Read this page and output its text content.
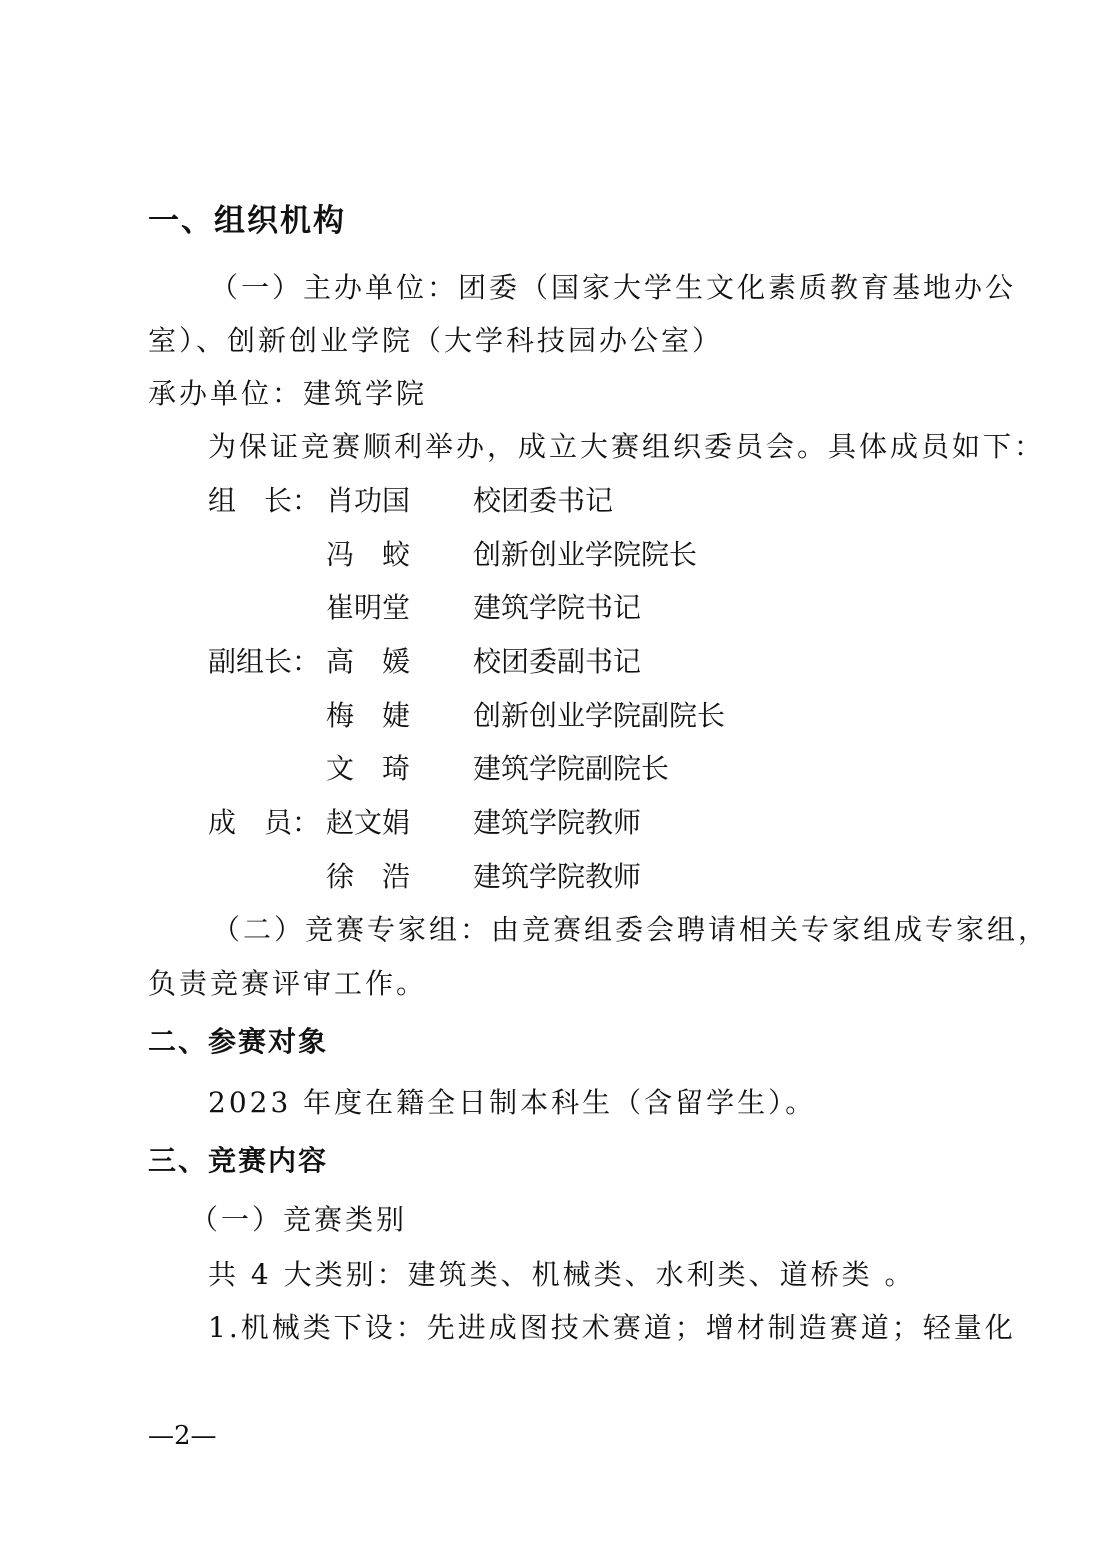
一、组织机构
（一）主办单位：团委（国家大学生文化素质教育基地办公
室）、创新创业学院（大学科技园办公室）
承办单位：建筑学院
为保证竞赛顺利举办，成立大赛组织委员会。具体成员如下：
组　长： 肖功国 校团委书记
冯　蛟 创新创业学院院长
崔明堂 建筑学院书记
副组长： 高　媛 校团委副书记
梅　婕 创新创业学院副院长
文　琦 建筑学院副院长
成　员： 赵文娟 建筑学院教师
徐　浩 建筑学院教师
（二）竞赛专家组：由竞赛组委会聘请相关专家组成专家组，
负责竞赛评审工作。
二、参赛对象
2023 年度在籍全日制本科生（含留学生）。
三、竞赛内容
（一）竞赛类别
共 4 大类别：建筑类、机械类、水利类、道桥类 。
1.机械类下设：先进成图技术赛道；增材制造赛道；轻量化
—2—
